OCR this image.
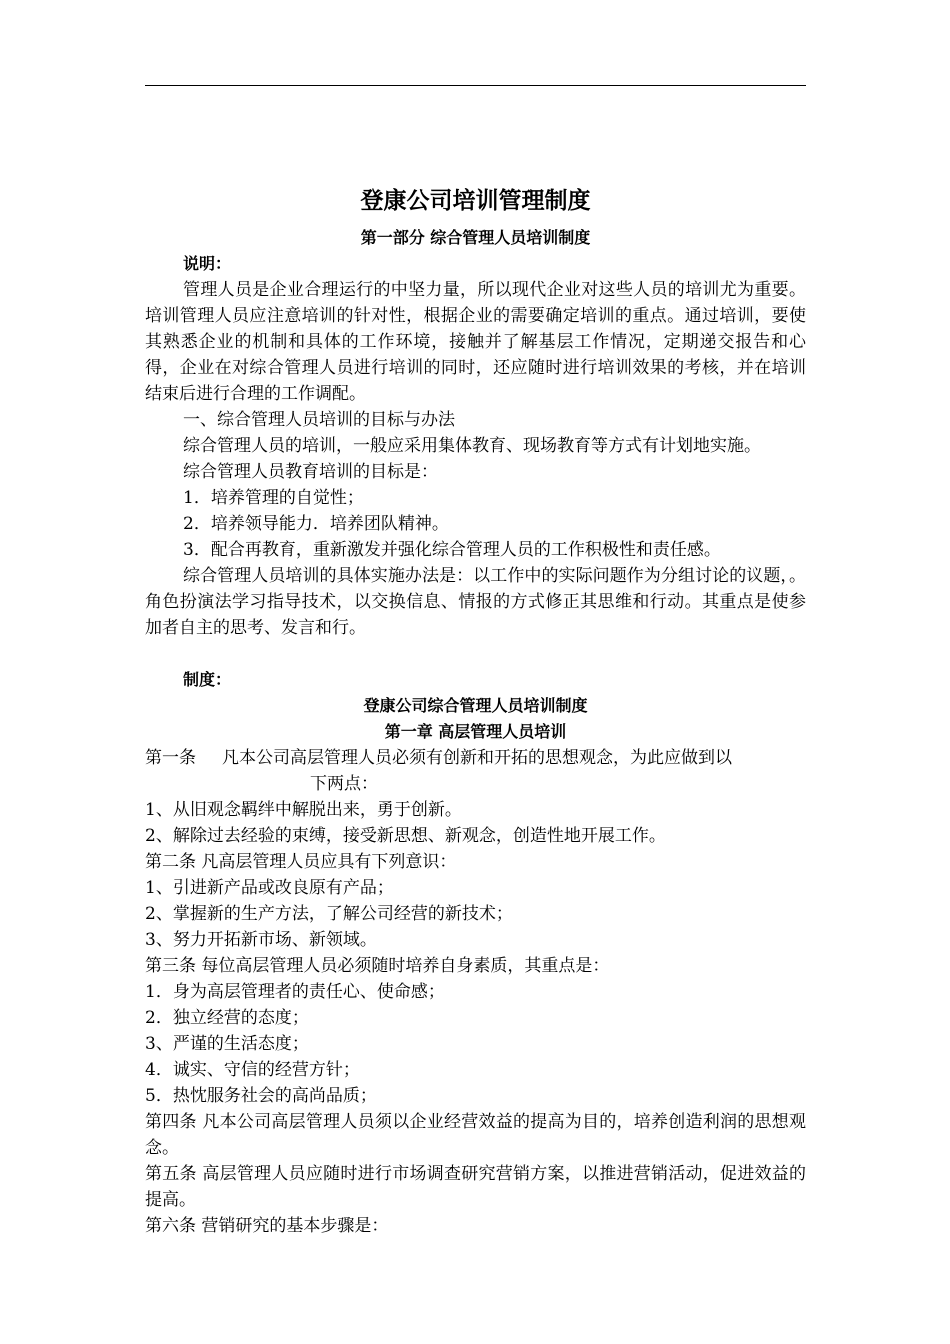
登康公司培训管理制度
第一部分 综合管理人员培训制度
说明：

管理人员是企业合理运行的中坚力量，所以现代企业对这些人员的培训尤为重要。培训管理人员应注意培训的针对性，根据企业的需要确定培训的重点。通过培训，要使其熟悉企业的机制和具体的工作环境，接触并了解基层工作情况，定期递交报告和心得，企业在对综合管理人员进行培训的同时，还应随时进行培训效果的考核，并在培训结束后进行合理的工作调配。

一、综合管理人员培训的目标与办法

综合管理人员的培训，一般应采用集体教育、现场教育等方式有计划地实施。

综合管理人员教育培训的目标是：

1．培养管理的自觉性；

2．培养领导能力．培养团队精神。

3．配合再教育，重新激发并强化综合管理人员的工作积极性和责任感。

综合管理人员培训的具体实施办法是：以工作中的实际问题作为分组讨论的议题，。角色扮演法学习指导技术，以交换信息、情报的方式修正其思维和行动。其重点是使参加者自主的思考、发言和行。

制度：
登康公司综合管理人员培训制度
第一章 高层管理人员培训

第一条 凡本公司高层管理人员必须有创新和开拓的思想观念，为此应做到以
下两点：

1、从旧观念羁绊中解脱出来，勇于创新。

2、解除过去经验的束缚，接受新思想、新观念，创造性地开展工作。

第二条 凡高层管理人员应具有下列意识：

1、引进新产品或改良原有产品；

2、掌握新的生产方法，了解公司经营的新技术；

3、努力开拓新市场、新领域。

第三条 每位高层管理人员必须随时培养自身素质，其重点是：

1．身为高层管理者的责任心、使命感；

2．独立经营的态度；

3、严谨的生活态度；

4．诚实、守信的经营方针；

5．热忱服务社会的高尚品质；

第四条 凡本公司高层管理人员须以企业经营效益的提高为目的，培养创造利润的思想观念。

第五条 高层管理人员应随时进行市场调查研究营销方案，以推进营销活动，促进效益的提高。

第六条 营销研究的基本步骤是：
